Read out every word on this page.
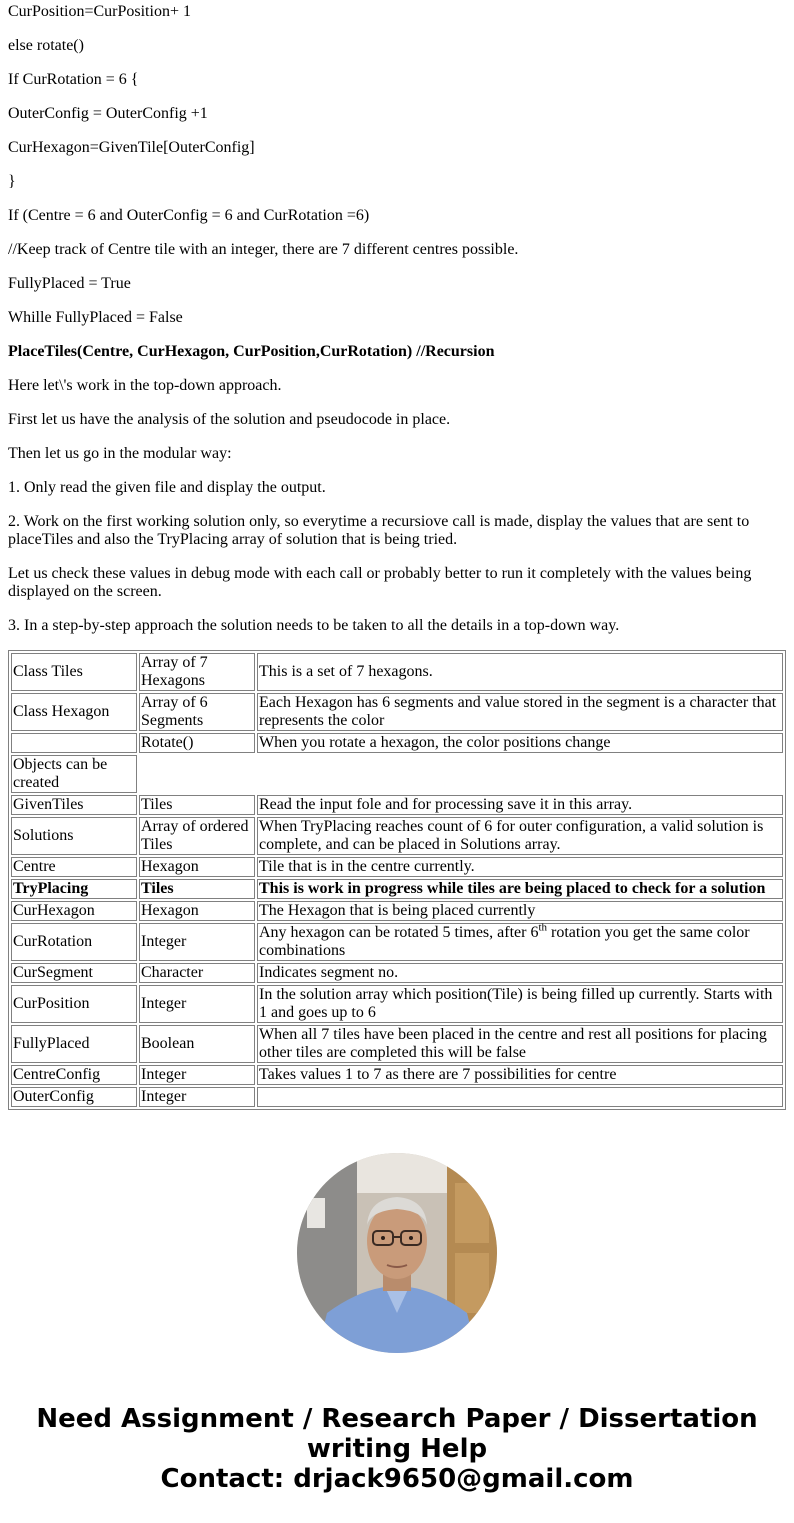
CurPosition=CurPosition+ 1

else rotate()

If CurRotation = 6 {

OuterConfig = OuterConfig +1

CurHexagon=GivenTile[OuterConfig]

}

If (Centre = 6 and OuterConfig = 6 and CurRotation =6)

//Keep track of Centre tile with an integer, there are 7 different centres possible.

FullyPlaced = True

Whille FullyPlaced = False

PlaceTiles(Centre, CurHexagon, CurPosition,CurRotation) //Recursion

Here let\'s work in the top-down approach.

First let us have the analysis of the solution and pseudocode in place.

Then let us go in the modular way:

1. Only read the given file and display the output.

2. Work on the first working solution only, so everytime a recursiove call is made, display the values that are sent to placeTiles and also the TryPlacing array of solution that is being tried.

Let us check these values in debug mode with each call or probably better to run it completely with the values being displayed on the screen.

3. In a step-by-step approach the solution needs to be taken to all the details in a top-down way.

Class Tiles	Array of 7 Hexagons	This is a set of 7 hexagons.
Class Hexagon	Array of 6 Segments	Each Hexagon has 6 segments and value stored in the segment is a character that represents the color
	Rotate()	When you rotate a hexagon, the color positions change
Objects can be created		
GivenTiles	Tiles	Read the input fole and for processing save it in this array.
Solutions	Array of ordered Tiles	When TryPlacing reaches count of 6 for outer configuration, a valid solution is complete, and can be placed in Solutions array.
Centre	Hexagon	Tile that is in the centre currently.
TryPlacing	Tiles	This is work in progress while tiles are being placed to check for a solution
CurHexagon	Hexagon	The Hexagon that is being placed currently
CurRotation	Integer	Any hexagon can be rotated 5 times, after 6th rotation you get the same color combinations
CurSegment	Character	Indicates segment no.
CurPosition	Integer	In the solution array which position(Tile) is being filled up currently. Starts with 1 and goes up to 6
FullyPlaced	Boolean	When all 7 tiles have been placed in the centre and rest all positions for placing other tiles are completed this will be false
CentreConfig	Integer	Takes values 1 to 7 as there are 7 possibilities for centre
OuterConfig	Integer	
Need Assignment / Research Paper / Dissertation
writing Help
Contact: drjack9650@gmail.com
